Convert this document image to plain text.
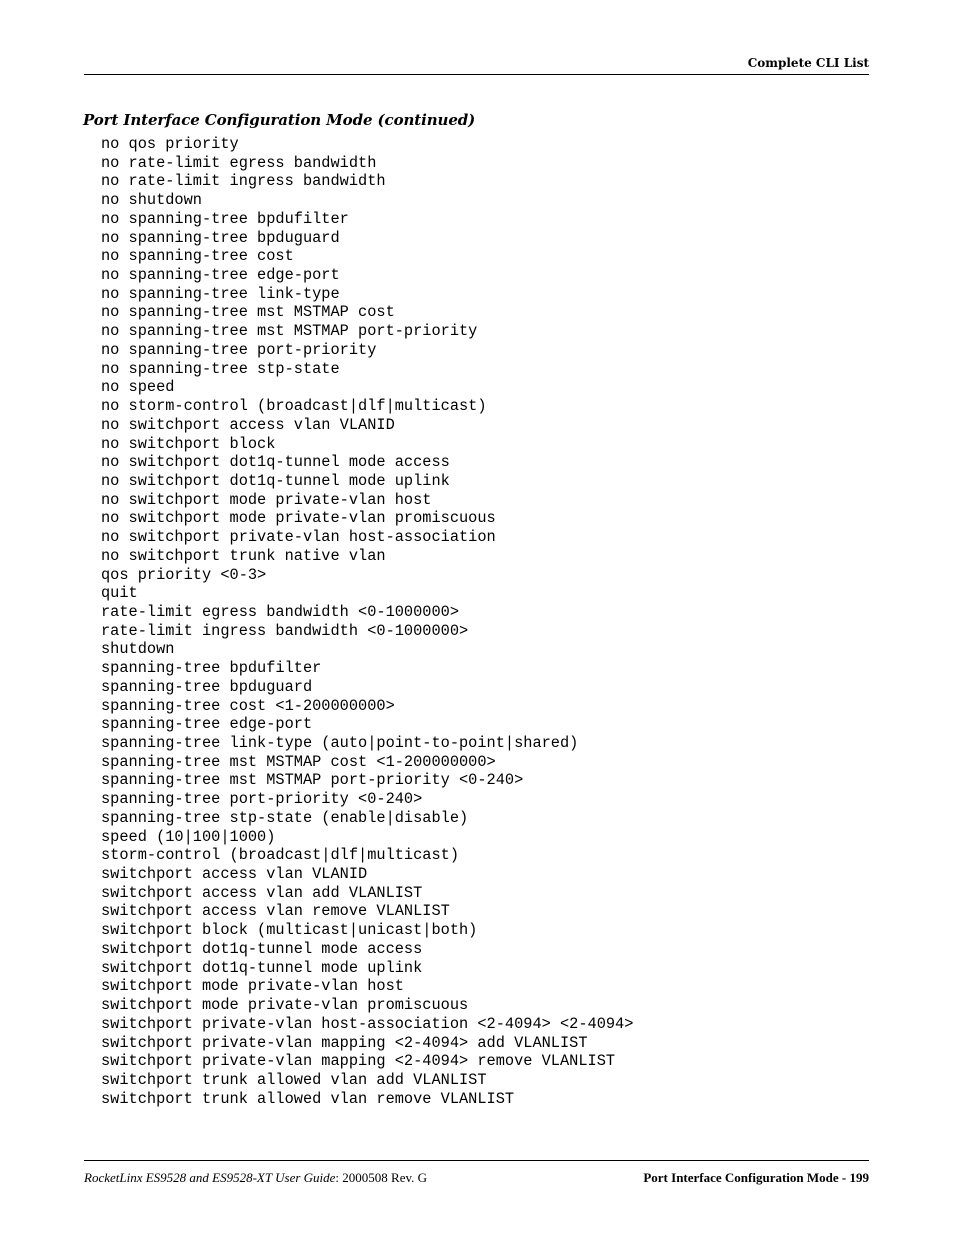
Complete CLI List
Port Interface Configuration Mode (continued)
no qos priority
no rate-limit egress bandwidth
no rate-limit ingress bandwidth
no shutdown
no spanning-tree bpdufilter
no spanning-tree bpduguard
no spanning-tree cost
no spanning-tree edge-port
no spanning-tree link-type
no spanning-tree mst MSTMAP cost
no spanning-tree mst MSTMAP port-priority
no spanning-tree port-priority
no spanning-tree stp-state
no speed
no storm-control (broadcast|dlf|multicast)
no switchport access vlan VLANID
no switchport block
no switchport dot1q-tunnel mode access
no switchport dot1q-tunnel mode uplink
no switchport mode private-vlan host
no switchport mode private-vlan promiscuous
no switchport private-vlan host-association
no switchport trunk native vlan
qos priority <0-3>
quit
rate-limit egress bandwidth <0-1000000>
rate-limit ingress bandwidth <0-1000000>
shutdown
spanning-tree bpdufilter
spanning-tree bpduguard
spanning-tree cost <1-200000000>
spanning-tree edge-port
spanning-tree link-type (auto|point-to-point|shared)
spanning-tree mst MSTMAP cost <1-200000000>
spanning-tree mst MSTMAP port-priority <0-240>
spanning-tree port-priority <0-240>
spanning-tree stp-state (enable|disable)
speed (10|100|1000)
storm-control (broadcast|dlf|multicast)
switchport access vlan VLANID
switchport access vlan add VLANLIST
switchport access vlan remove VLANLIST
switchport block (multicast|unicast|both)
switchport dot1q-tunnel mode access
switchport dot1q-tunnel mode uplink
switchport mode private-vlan host
switchport mode private-vlan promiscuous
switchport private-vlan host-association <2-4094> <2-4094>
switchport private-vlan mapping <2-4094> add VLANLIST
switchport private-vlan mapping <2-4094> remove VLANLIST
switchport trunk allowed vlan add VLANLIST
switchport trunk allowed vlan remove VLANLIST
RocketLinx ES9528 and ES9528-XT User Guide: 2000508 Rev. G	Port Interface Configuration Mode - 199
